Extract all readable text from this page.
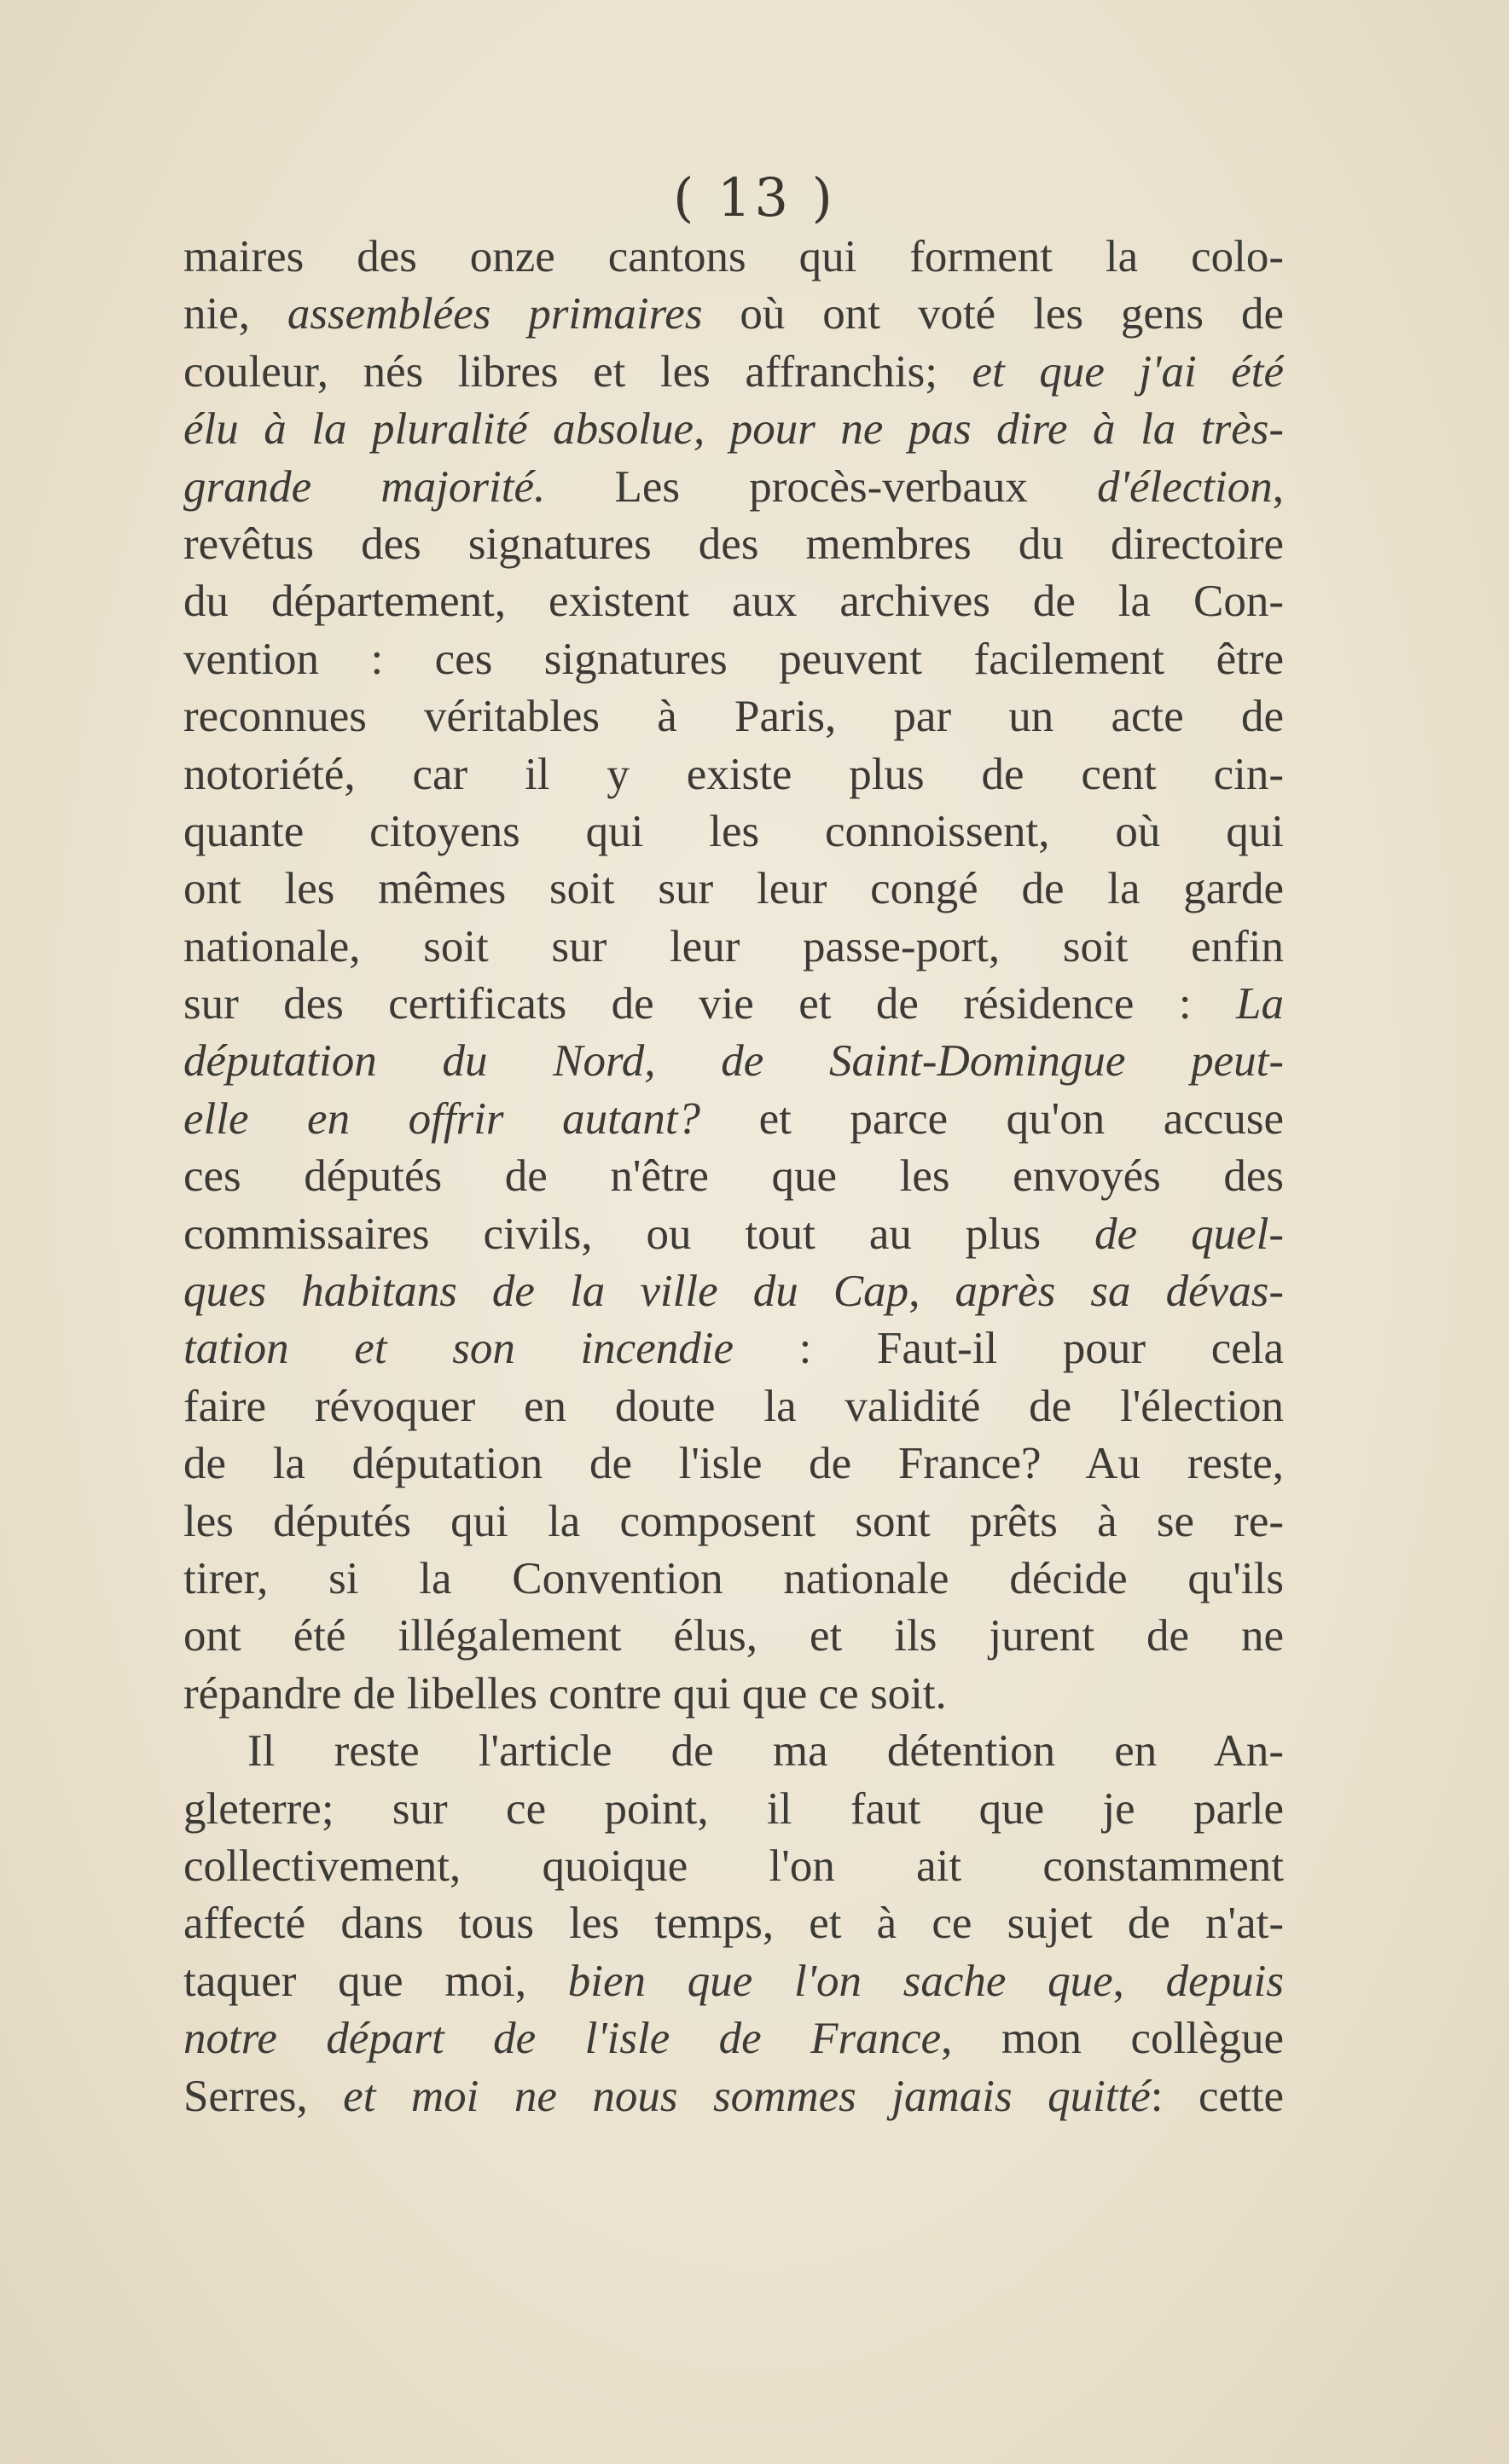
( 13 )
maires des onze cantons qui forment la colo-
nie, assemblées primaires où ont voté les gens de
couleur, nés libres et les affranchis; et que j'ai été
élu à la pluralité absolue, pour ne pas dire à la très-
grande majorité. Les procès-verbaux d'élection,
revêtus des signatures des membres du directoire
du département, existent aux archives de la Con-
vention : ces signatures peuvent facilement être
reconnues véritables à Paris, par un acte de
notoriété, car il y existe plus de cent cin-
quante citoyens qui les connoissent, où qui
ont les mêmes soit sur leur congé de la garde
nationale, soit sur leur passe-port, soit enfin
sur des certificats de vie et de résidence : La
députation du Nord, de Saint-Domingue peut-
elle en offrir autant? et parce qu'on accuse
ces députés de n'être que les envoyés des
commissaires civils, ou tout au plus de quel-
ques habitans de la ville du Cap, après sa dévas-
tation et son incendie : Faut-il pour cela
faire révoquer en doute la validité de l'élection
de la députation de l'isle de France? Au reste,
les députés qui la composent sont prêts à se re-
tirer, si la Convention nationale décide qu'ils
ont été illégalement élus, et ils jurent de ne
répandre de libelles contre qui que ce soit.
Il reste l'article de ma détention en An-
gleterre; sur ce point, il faut que je parle
collectivement, quoique l'on ait constamment
affecté dans tous les temps, et à ce sujet de n'at-
taquer que moi, bien que l'on sache que, depuis
notre départ de l'isle de France, mon collègue
Serres, et moi ne nous sommes jamais quitté: cette
